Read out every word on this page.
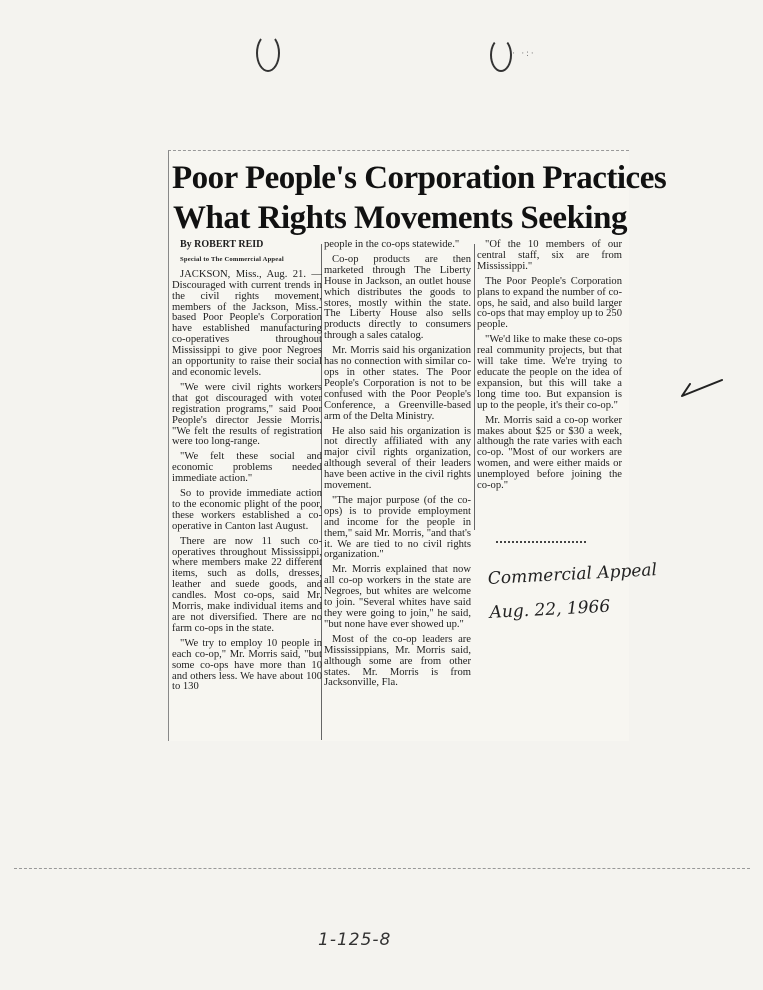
· ·:·
Poor People's Corporation Practices
What Rights Movements Seeking

By ROBERT REID

Special to The Commercial Appeal

JACKSON, Miss., Aug. 21. — Discouraged with current trends in the civil rights movement, members of the Jackson, Miss.-based Poor People's Corporation have established manufacturing co-operatives throughout Mississippi to give poor Negroes an opportunity to raise their social and economic levels.

"We were civil rights workers that got discouraged with voter registration programs," said Poor People's director Jessie Morris. "We felt the results of registration were too long-range.

"We felt these social and economic problems needed immediate action."

So to provide immediate action to the economic plight of the poor, these workers established a co-operative in Canton last August.

There are now 11 such co-operatives throughout Mississippi, where members make 22 different items, such as dolls, dresses, leather and suede goods, and candles. Most co-ops, said Mr. Morris, make individual items and are not diversified. There are no farm co-ops in the state.

"We try to employ 10 people in each co-op," Mr. Morris said, "but some co-ops have more than 10 and others less. We have about 100 to 130

people in the co-ops statewide."

Co-op products are then marketed through The Liberty House in Jackson, an outlet house which distributes the goods to stores, mostly within the state. The Liberty House also sells products directly to consumers through a sales catalog.

Mr. Morris said his organization has no connection with similar co-ops in other states. The Poor People's Corporation is not to be confused with the Poor People's Conference, a Greenville-based arm of the Delta Ministry.

He also said his organization is not directly affiliated with any major civil rights organization, although several of their leaders have been active in the civil rights movement.

"The major purpose (of the co-ops) is to provide employment and income for the people in them," said Mr. Morris, "and that's it. We are tied to no civil rights organization."

Mr. Morris explained that now all co-op workers in the state are Negroes, but whites are welcome to join. "Several whites have said they were going to join," he said, "but none have ever showed up."

Most of the co-op leaders are Mississippians, Mr. Morris said, although some are from other states. Mr. Morris is from Jacksonville, Fla.

"Of the 10 members of our central staff, six are from Mississippi."

The Poor People's Corporation plans to expand the number of co-ops, he said, and also build larger co-ops that may employ up to 250 people.

"We'd like to make these co-ops real community projects, but that will take time. We're trying to educate the people on the idea of expansion, but this will take a long time too. But expansion is up to the people, it's their co-op."

Mr. Morris said a co-op worker makes about $25 or $30 a week, although the rate varies with each co-op. "Most of our workers are women, and were either maids or unemployed before joining the co-op."

Commercial Appeal
Aug. 22, 1966
1-125-8
